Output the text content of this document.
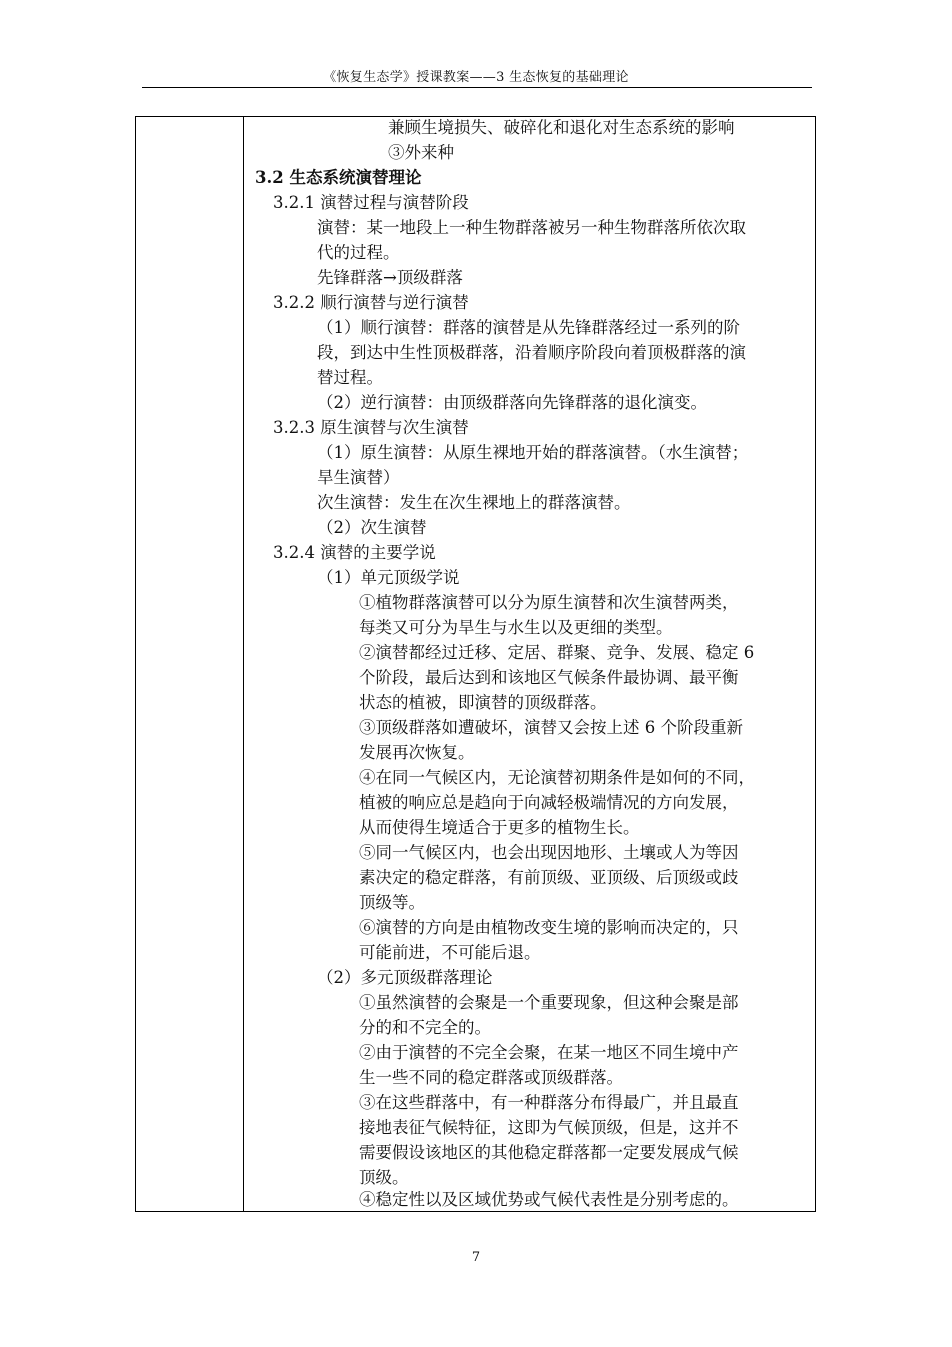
《恢复生态学》授课教案——3 生态恢复的基础理论
兼顾生境损失、破碎化和退化对生态系统的影响
③外来种
3.2 生态系统演替理论
3.2.1 演替过程与演替阶段
演替：某一地段上一种生物群落被另一种生物群落所依次取
代的过程。
先锋群落→顶级群落
3.2.2 顺行演替与逆行演替
（1）顺行演替：群落的演替是从先锋群落经过一系列的阶
段，到达中生性顶极群落，沿着顺序阶段向着顶极群落的演
替过程。
（2）逆行演替：由顶级群落向先锋群落的退化演变。
3.2.3 原生演替与次生演替
（1）原生演替：从原生裸地开始的群落演替。（水生演替；
旱生演替）
次生演替：发生在次生裸地上的群落演替。
（2）次生演替
3.2.4 演替的主要学说
（1）单元顶级学说
①植物群落演替可以分为原生演替和次生演替两类，
每类又可分为旱生与水生以及更细的类型。
②演替都经过迁移、定居、群聚、竞争、发展、稳定 6
个阶段，最后达到和该地区气候条件最协调、最平衡
状态的植被，即演替的顶级群落。
③顶级群落如遭破坏，演替又会按上述 6 个阶段重新
发展再次恢复。
④在同一气候区内，无论演替初期条件是如何的不同，
植被的响应总是趋向于向减轻极端情况的方向发展，
从而使得生境适合于更多的植物生长。
⑤同一气候区内，也会出现因地形、土壤或人为等因
素决定的稳定群落，有前顶级、亚顶级、后顶级或歧
顶级等。
⑥演替的方向是由植物改变生境的影响而决定的，只
可能前进，不可能后退。
（2）多元顶级群落理论
①虽然演替的会聚是一个重要现象，但这种会聚是部
分的和不完全的。
②由于演替的不完全会聚，在某一地区不同生境中产
生一些不同的稳定群落或顶级群落。
③在这些群落中，有一种群落分布得最广，并且最直
接地表征气候特征，这即为气候顶级，但是，这并不
需要假设该地区的其他稳定群落都一定要发展成气候
顶级。
④稳定性以及区域优势或气候代表性是分别考虑的。
7
